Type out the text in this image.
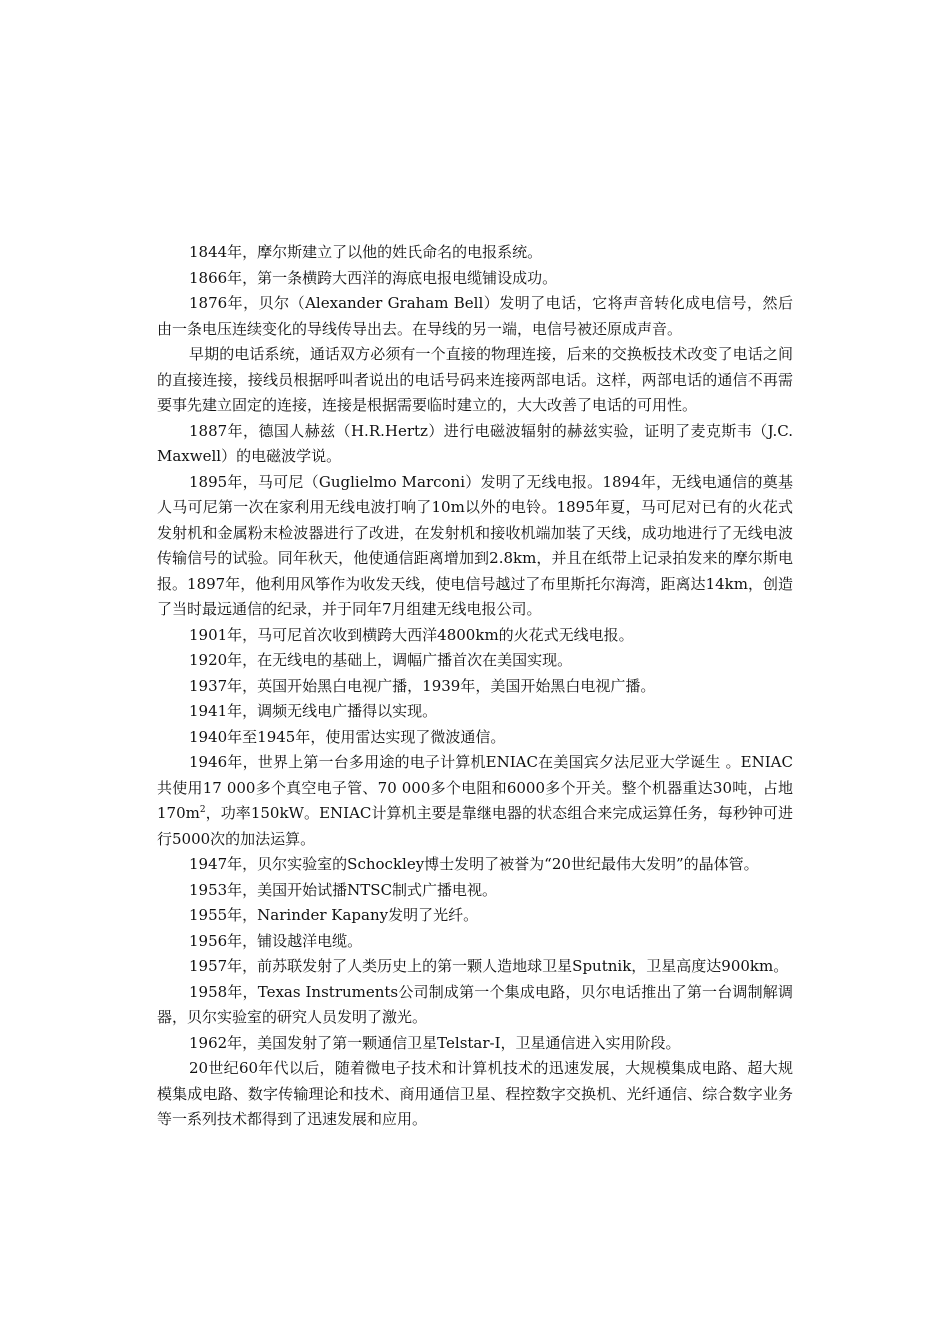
1844年，摩尔斯建立了以他的姓氏命名的电报系统。

1866年，第一条横跨大西洋的海底电报电缆铺设成功。

1876年，贝尔（Alexander Graham Bell）发明了电话，它将声音转化成电信号，然后由一条电压连续变化的导线传导出去。在导线的另一端，电信号被还原成声音。

早期的电话系统，通话双方必须有一个直接的物理连接，后来的交换板技术改变了电话之间的直接连接，接线员根据呼叫者说出的电话号码来连接两部电话。这样，两部电话的通信不再需要事先建立固定的连接，连接是根据需要临时建立的，大大改善了电话的可用性。

1887年，德国人赫兹（H.R.Hertz）进行电磁波辐射的赫兹实验，证明了麦克斯韦（J.C.Maxwell）的电磁波学说。

1895年，马可尼（Guglielmo Marconi）发明了无线电报。1894年，无线电通信的奠基人马可尼第一次在家利用无线电波打响了10m以外的电铃。1895年夏，马可尼对已有的火花式发射机和金属粉末检波器进行了改进，在发射机和接收机端加装了天线，成功地进行了无线电波传输信号的试验。同年秋天，他使通信距离增加到2.8km，并且在纸带上记录拍发来的摩尔斯电报。1897年，他利用风筝作为收发天线，使电信号越过了布里斯托尔海湾，距离达14km，创造了当时最远通信的纪录，并于同年7月组建无线电报公司。

1901年，马可尼首次收到横跨大西洋4800km的火花式无线电报。

1920年，在无线电的基础上，调幅广播首次在美国实现。

1937年，英国开始黑白电视广播，1939年，美国开始黑白电视广播。

1941年，调频无线电广播得以实现。

1940年至1945年，使用雷达实现了微波通信。

1946年，世界上第一台多用途的电子计算机ENIAC在美国宾夕法尼亚大学诞生 。ENIAC共使用17 000多个真空电子管、70 000多个电阻和6000多个开关。整个机器重达30吨，占地$170m^2$，功率150kW。ENIAC计算机主要是靠继电器的状态组合来完成运算任务，每秒钟可进行5000次的加法运算。

1947年，贝尔实验室的Schockley博士发明了被誉为“20世纪最伟大发明”的晶体管。

1953年，美国开始试播NTSC制式广播电视。

1955年，Narinder Kapany发明了光纤。

1956年，铺设越洋电缆。

1957年，前苏联发射了人类历史上的第一颗人造地球卫星Sputnik，卫星高度达900km。

1958年，Texas Instruments公司制成第一个集成电路，贝尔电话推出了第一台调制解调器，贝尔实验室的研究人员发明了激光。

1962年，美国发射了第一颗通信卫星Telstar-I，卫星通信进入实用阶段。

20世纪60年代以后，随着微电子技术和计算机技术的迅速发展，大规模集成电路、超大规模集成电路、数字传输理论和技术、商用通信卫星、程控数字交换机、光纤通信、综合数字业务等一系列技术都得到了迅速发展和应用。
